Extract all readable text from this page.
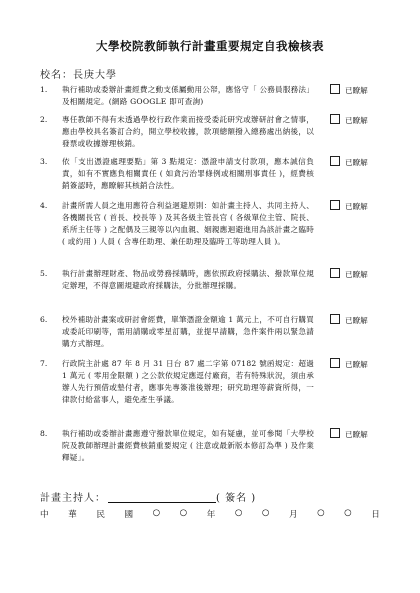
大學校院教師執行計畫重要規定自我檢核表
校名：長庚大學
1.	執行補助或委辦計畫經費之動支係屬動用公帑，應恪守「 公務員服務法」及相關規定。(網路 GOOGLE 即可查詢)
已瞭解
2.	專任教師不得有未透過學校行政作業而接受委託研究或辦研討會之情事，應由學校具名簽訂合約，開立學校收據，款項總額撥入總務處出納後，以發票或收據辦理核銷。
已瞭解
3.	依「支出憑證處理要點」第 3 點規定：憑證申請支付款項，應本誠信負責，如有不實應負相關責任 ( 如貪污治罪條例或相關刑事責任 )，經費核銷簽認時，應瞭解其核銷合法性。
已瞭解
4.	計畫所需人員之進用應符合利益迴避原則：如計畫主持人、共同主持人、各機關長官 ( 首長、校長等 ) 及其各級主管長官 ( 各級單位主管、院長、系所主任等 ) 之配偶及三親等以內血親、姻親應迴避進用為該計畫之臨時 ( 或約用 ) 人員 ( 含專任助理、兼任助理及臨時工等助理人員 )。
已瞭解
5.	執行計畫辦理財產、物品或勞務採購時，應依照政府採購法、撥款單位規定辦理，不得意圖規避政府採購法，分批辦理採購。
已瞭解
6.	校外補助計畫案或研討會經費，單筆憑證金額逾 1 萬元上，不可自行購買或委託印刷等，需用請購或零星訂購，並提早請購，急件案件兩以緊急請購方式辦理。
已瞭解
7.	行政院主計處 87 年 8 月 31 日台 87 處二字第 07182 號函規定：超過 1 萬元 ( 零用金限額 ) 之公款依規定應逕付廠商，若有特殊狀況，須由承辦人先行預借或墊付者，應事先專簽准後辦理；研究助理等薪資所得，一律款付給當事人，避免產生爭議。
已瞭解
8.	執行補助或委辦計畫應遵守撥款單位規定，如有疑慮，並可參閱「大學校院及教師辦理計畫經費核銷重要規定 ( 注意或最新版本修訂為準 ) 及作業釋疑」。
已瞭解
計畫主持人：	( 簽名 )
中 華 民 國 ○ ○ 年 ○ ○ 月 ○ ○ 日
